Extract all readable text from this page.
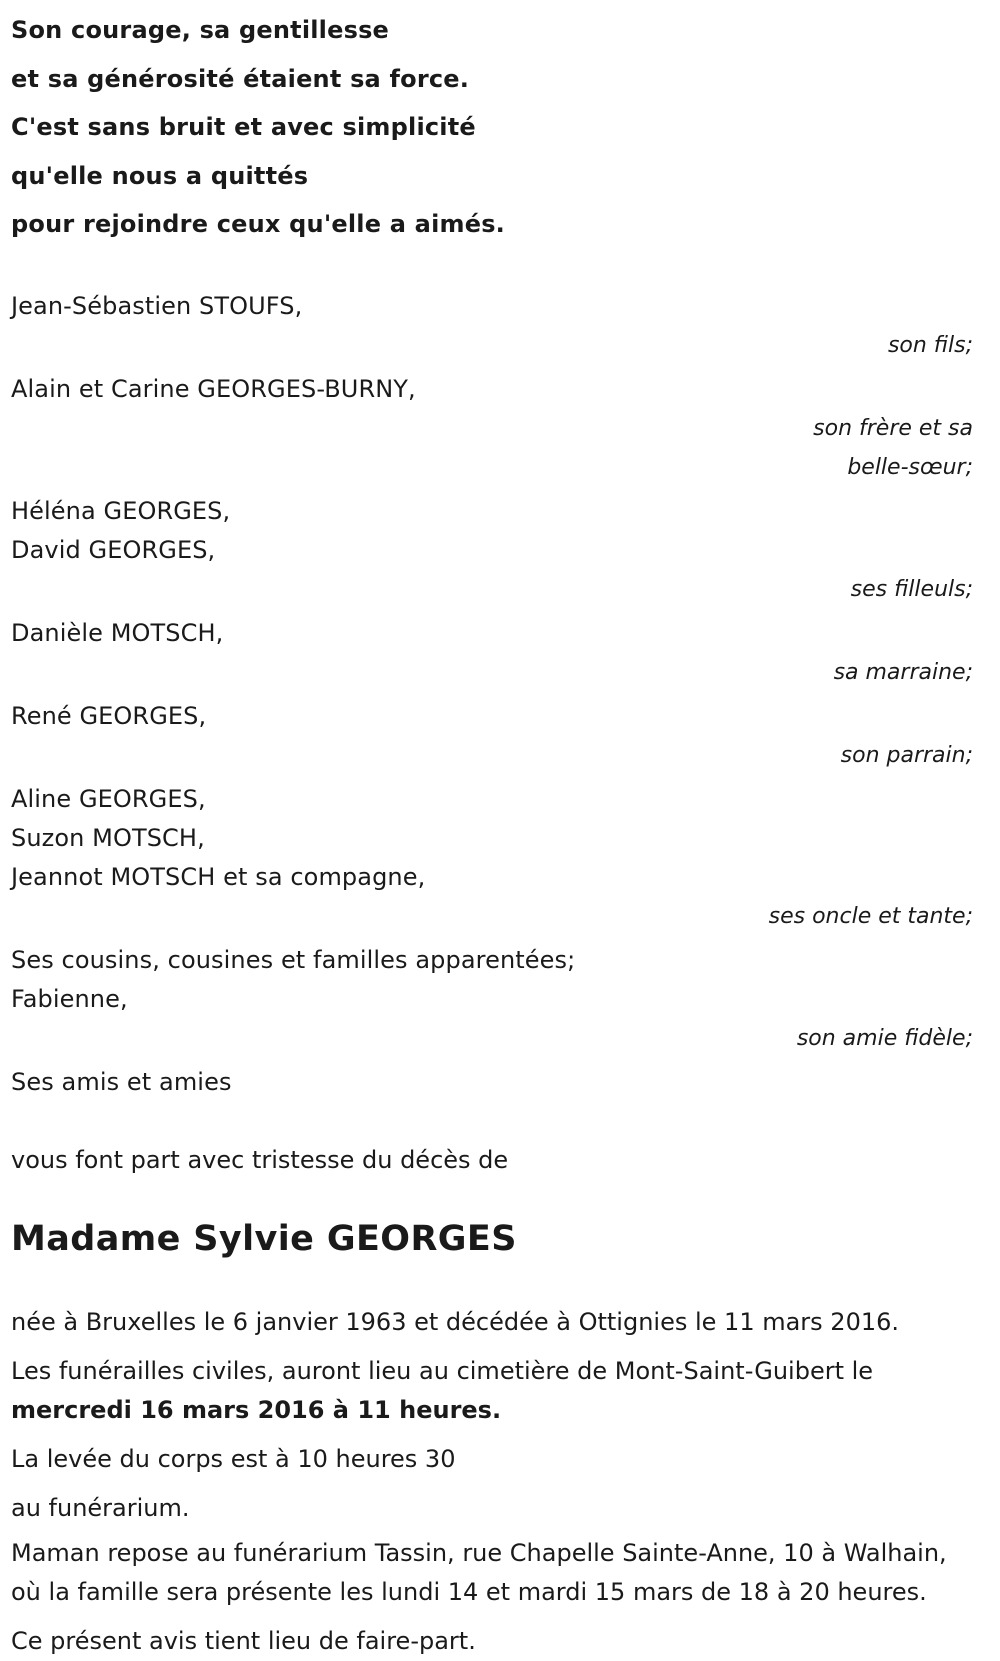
Son courage, sa gentillesse
et sa générosité étaient sa force.
C'est sans bruit et avec simplicité
qu'elle nous a quittés
pour rejoindre ceux qu'elle a aimés.
Jean-Sébastien STOUFS,
son fils;
Alain et Carine GEORGES-BURNY,
son frère et sa
belle-sœur;
Héléna GEORGES,
David GEORGES,
ses filleuls;
Danièle MOTSCH,
sa marraine;
René GEORGES,
son parrain;
Aline GEORGES,
Suzon MOTSCH,
Jeannot MOTSCH et sa compagne,
ses oncle et tante;
Ses cousins, cousines et familles apparentées;
Fabienne,
son amie fidèle;
Ses amis et amies
vous font part avec tristesse du décès de
Madame Sylvie GEORGES

née à Bruxelles le 6 janvier 1963 et décédée à Ottignies le 11 mars 2016.

Les funérailles civiles, auront lieu au cimetière de Mont-Saint-Guibert le
mercredi 16 mars 2016 à 11 heures.

La levée du corps est à 10 heures 30

au funérarium.

Maman repose au funérarium Tassin, rue Chapelle Sainte-Anne, 10 à Walhain, où la famille sera présente les lundi 14 et mardi 15 mars de 18 à 20 heures.

Ce présent avis tient lieu de faire-part.
